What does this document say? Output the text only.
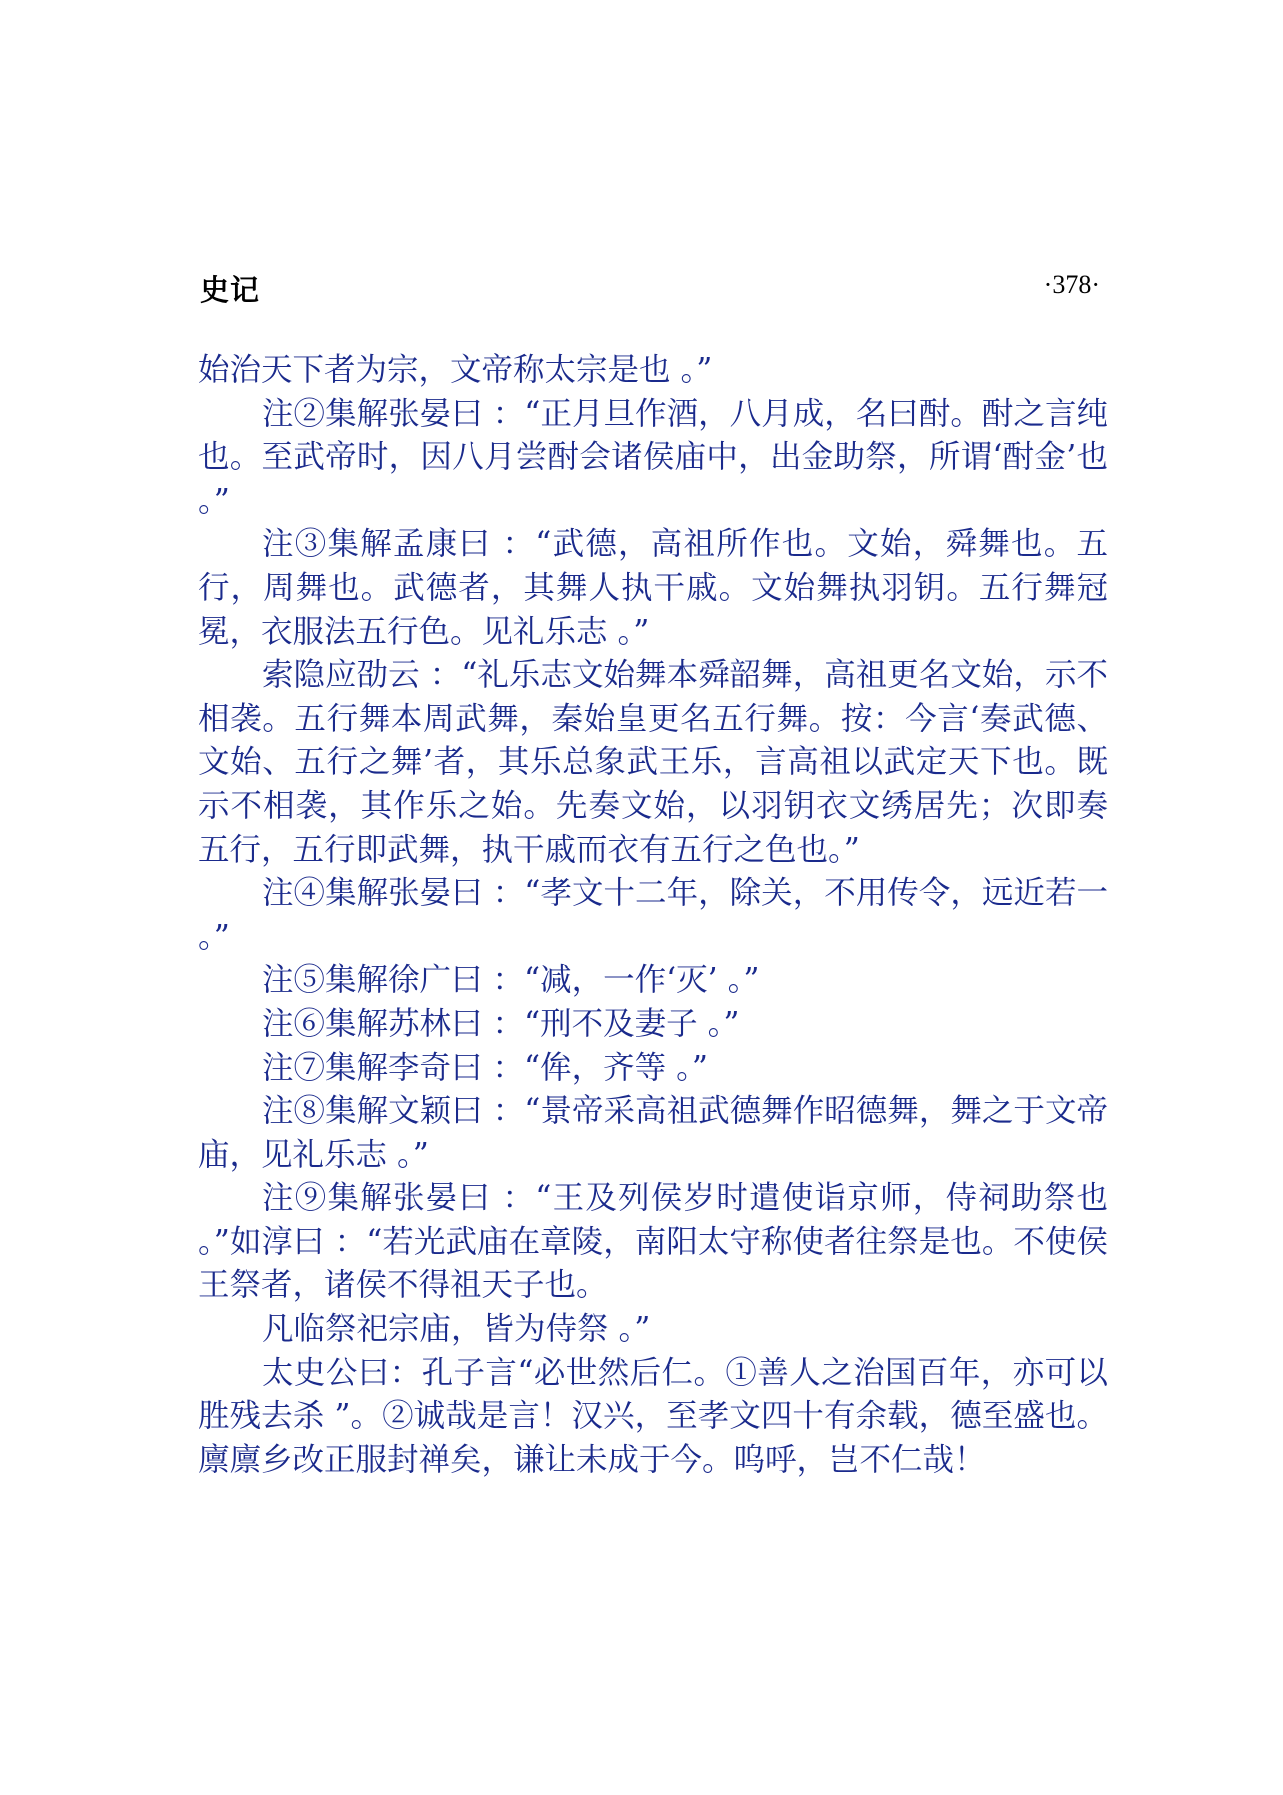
史记	·378·

始治天下者为宗，文帝称太宗是也 。”

注②集解张晏曰 ：“正月旦作酒，八月成，名曰酎。酎之言纯也。至武帝时，因八月尝酎会诸侯庙中，出金助祭，所谓‘酎金’也 。”

注③集解孟康曰 ：“武德，高祖所作也。文始，舜舞也。五行，周舞也。武德者，其舞人执干戚。文始舞执羽钥。五行舞冠冕，衣服法五行色。见礼乐志 。”

索隐应劭云 ：“礼乐志文始舞本舜韶舞，高祖更名文始，示不相袭。五行舞本周武舞，秦始皇更名五行舞。按：今言‘奏武德、文始、五行之舞’者，其乐总象武王乐，言高祖以武定天下也。既示不相袭，其作乐之始。先奏文始，以羽钥衣文绣居先；次即奏五行，五行即武舞，执干戚而衣有五行之色也。”

注④集解张晏曰 ：“孝文十二年，除关，不用传令，远近若一 。”

注⑤集解徐广曰 ：“减，一作‘灭’ 。”

注⑥集解苏林曰 ：“刑不及妻子 。”

注⑦集解李奇曰 ：“侔，齐等 。”

注⑧集解文颖曰 ：“景帝采高祖武德舞作昭德舞，舞之于文帝庙，见礼乐志 。”

注⑨集解张晏曰 ：“王及列侯岁时遣使诣京师，侍祠助祭也 。”如淳曰 ：“若光武庙在章陵，南阳太守称使者往祭是也。不使侯王祭者，诸侯不得祖天子也。

凡临祭祀宗庙，皆为侍祭 。”

太史公曰：孔子言“必世然后仁。①善人之治国百年，亦可以胜残去杀 ”。②诚哉是言！汉兴，至孝文四十有余载，德至盛也。廪廪乡改正服封禅矣，谦让未成于今。呜呼，岂不仁哉！
